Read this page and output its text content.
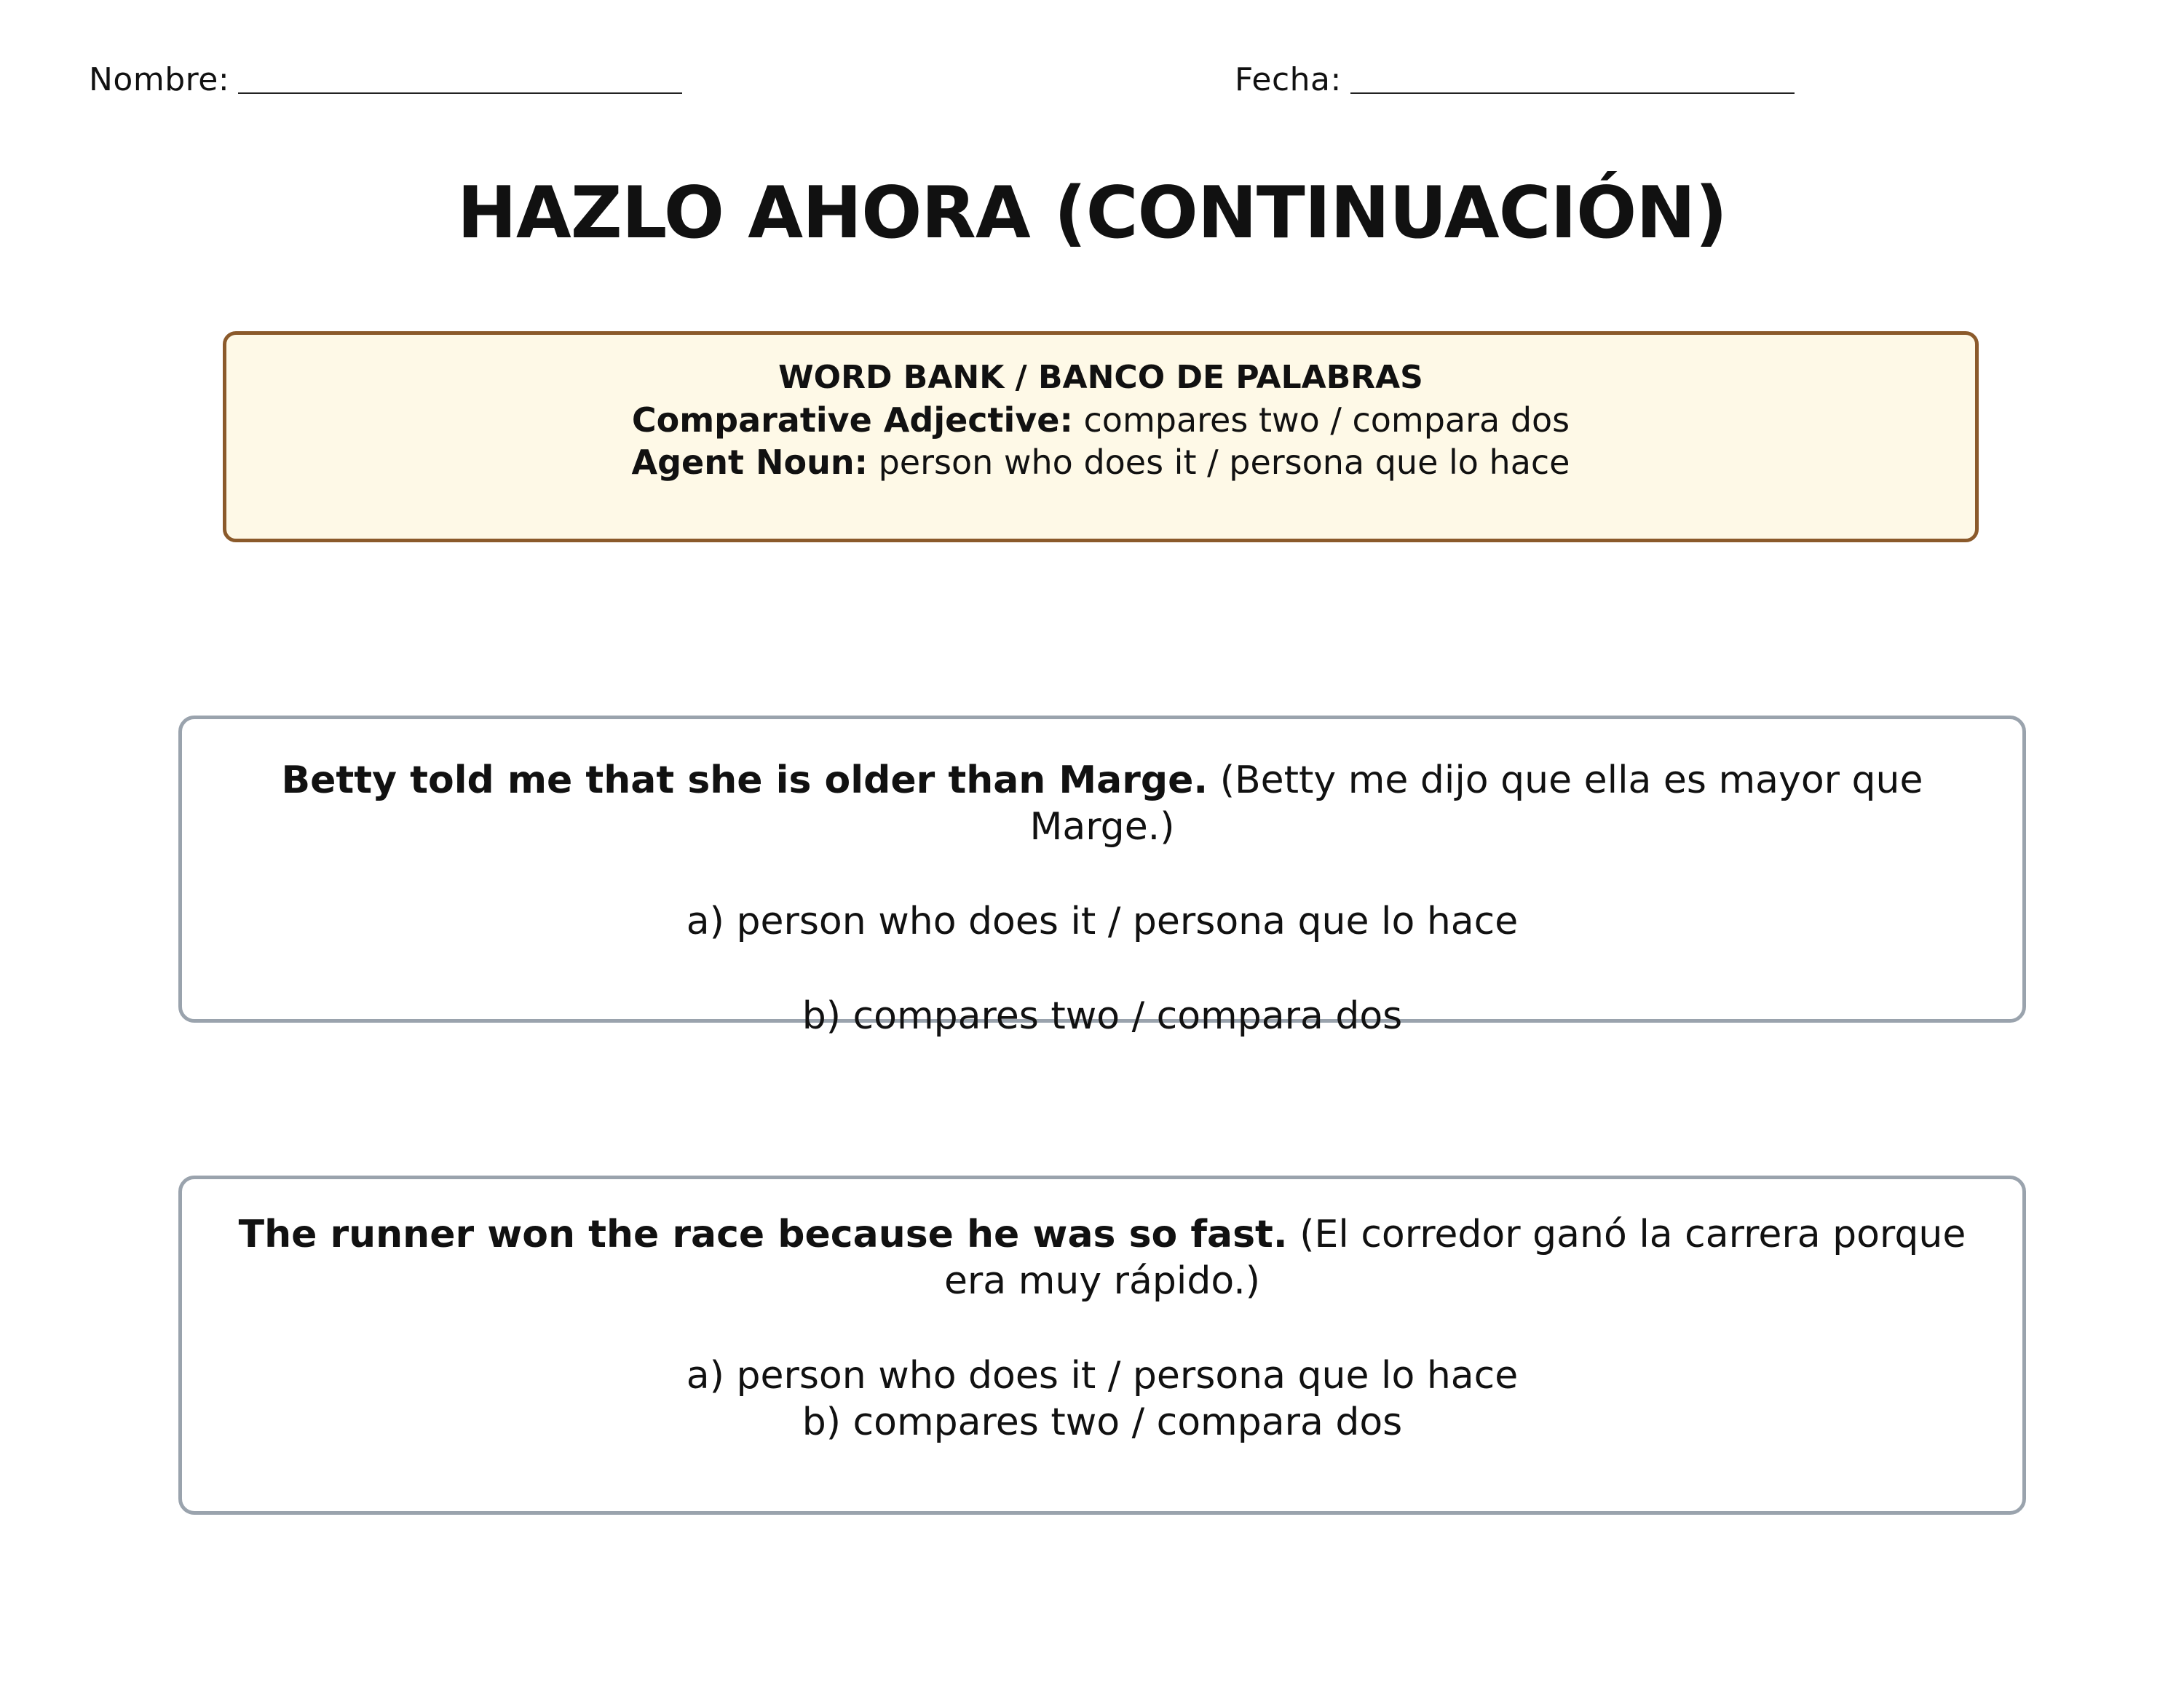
Nombre:	Fecha:
HAZLO AHORA (CONTINUACIÓN)
WORD BANK / BANCO DE PALABRAS
Comparative Adjective: compares two / compara dos
Agent Noun: person who does it / persona que lo hace
Betty told me that she is older than Marge. (Betty me dijo que ella es mayor que Marge.)
a) person who does it / persona que lo hace
b) compares two / compara dos
The runner won the race because he was so fast. (El corredor ganó la carrera porque era muy rápido.)
a) person who does it / persona que lo hace
b) compares two / compara dos
